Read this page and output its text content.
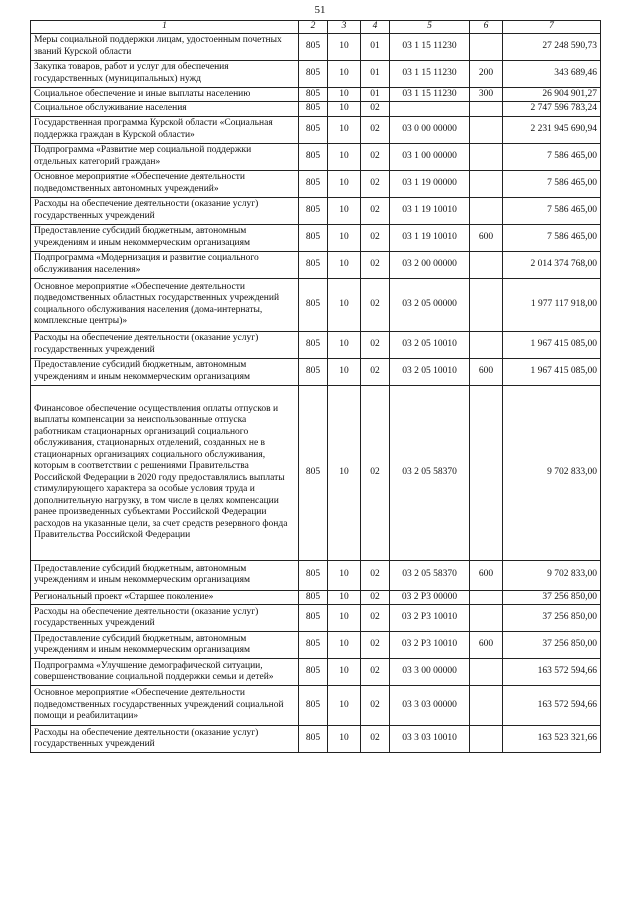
51
1	2	3	4	5	6	7
Меры социальной поддержки лицам, удостоенным почетных званий Курской области	805	10	01	03 1 15 11230		27 248 590,73
Закупка товаров, работ и услуг для обеспечения государственных (муниципальных) нужд	805	10	01	03 1 15 11230	200	343 689,46
Социальное обеспечение и иные выплаты населению	805	10	01	03 1 15 11230	300	26 904 901,27
Социальное обслуживание населения	805	10	02			2 747 596 783,24
Государственная программа Курской области «Социальная поддержка граждан в Курской области»	805	10	02	03 0 00 00000		2 231 945 690,94
Подпрограмма «Развитие мер социальной поддержки отдельных категорий граждан»	805	10	02	03 1 00 00000		7 586 465,00
Основное мероприятие «Обеспечение деятельности подведомственных автономных учреждений»	805	10	02	03 1 19 00000		7 586 465,00
Расходы на обеспечение деятельности (оказание услуг) государственных учреждений	805	10	02	03 1 19 10010		7 586 465,00
Предоставление субсидий бюджетным, автономным учреждениям и иным некоммерческим организациям	805	10	02	03 1 19 10010	600	7 586 465,00
Подпрограмма «Модернизация и развитие социального обслуживания населения»	805	10	02	03 2 00 00000		2 014 374 768,00
Основное мероприятие «Обеспечение деятельности подведомственных областных государственных учреждений социального обслуживания населения (дома-интернаты, комплексные центры)»	805	10	02	03 2 05 00000		1 977 117 918,00
Расходы на обеспечение деятельности (оказание услуг) государственных учреждений	805	10	02	03 2 05 10010		1 967 415 085,00
Предоставление субсидий бюджетным, автономным учреждениям и иным некоммерческим организациям	805	10	02	03 2 05 10010	600	1 967 415 085,00
Финансовое обеспечение осуществления оплаты отпусков и выплаты компенсации за неиспользованные отпуска работникам стационарных организаций социального обслуживания, стационарных отделений, созданных не в стационарных организациях социального обслуживания, которым в соответствии с решениями Правительства Российской Федерации в 2020 году предоставлялись выплаты стимулирующего характера за особые условия труда и дополнительную нагрузку, в том числе в целях компенсации ранее произведенных субъектами Российской Федерации расходов на указанные цели, за счет средств резервного фонда Правительства Российской Федерации	805	10	02	03 2 05 58370		9 702 833,00
Предоставление субсидий бюджетным, автономным учреждениям и иным некоммерческим организациям	805	10	02	03 2 05 58370	600	9 702 833,00
Региональный проект «Старшее поколение»	805	10	02	03 2 P3 00000		37 256 850,00
Расходы на обеспечение деятельности (оказание услуг) государственных учреждений	805	10	02	03 2 P3 10010		37 256 850,00
Предоставление субсидий бюджетным, автономным учреждениям и иным некоммерческим организациям	805	10	02	03 2 P3 10010	600	37 256 850,00
Подпрограмма «Улучшение демографической ситуации, совершенствование социальной поддержки семьи и детей»	805	10	02	03 3 00 00000		163 572 594,66
Основное мероприятие «Обеспечение деятельности подведомственных государственных учреждений социальной помощи и реабилитации»	805	10	02	03 3 03 00000		163 572 594,66
Расходы на обеспечение деятельности (оказание услуг) государственных учреждений	805	10	02	03 3 03 10010		163 523 321,66
